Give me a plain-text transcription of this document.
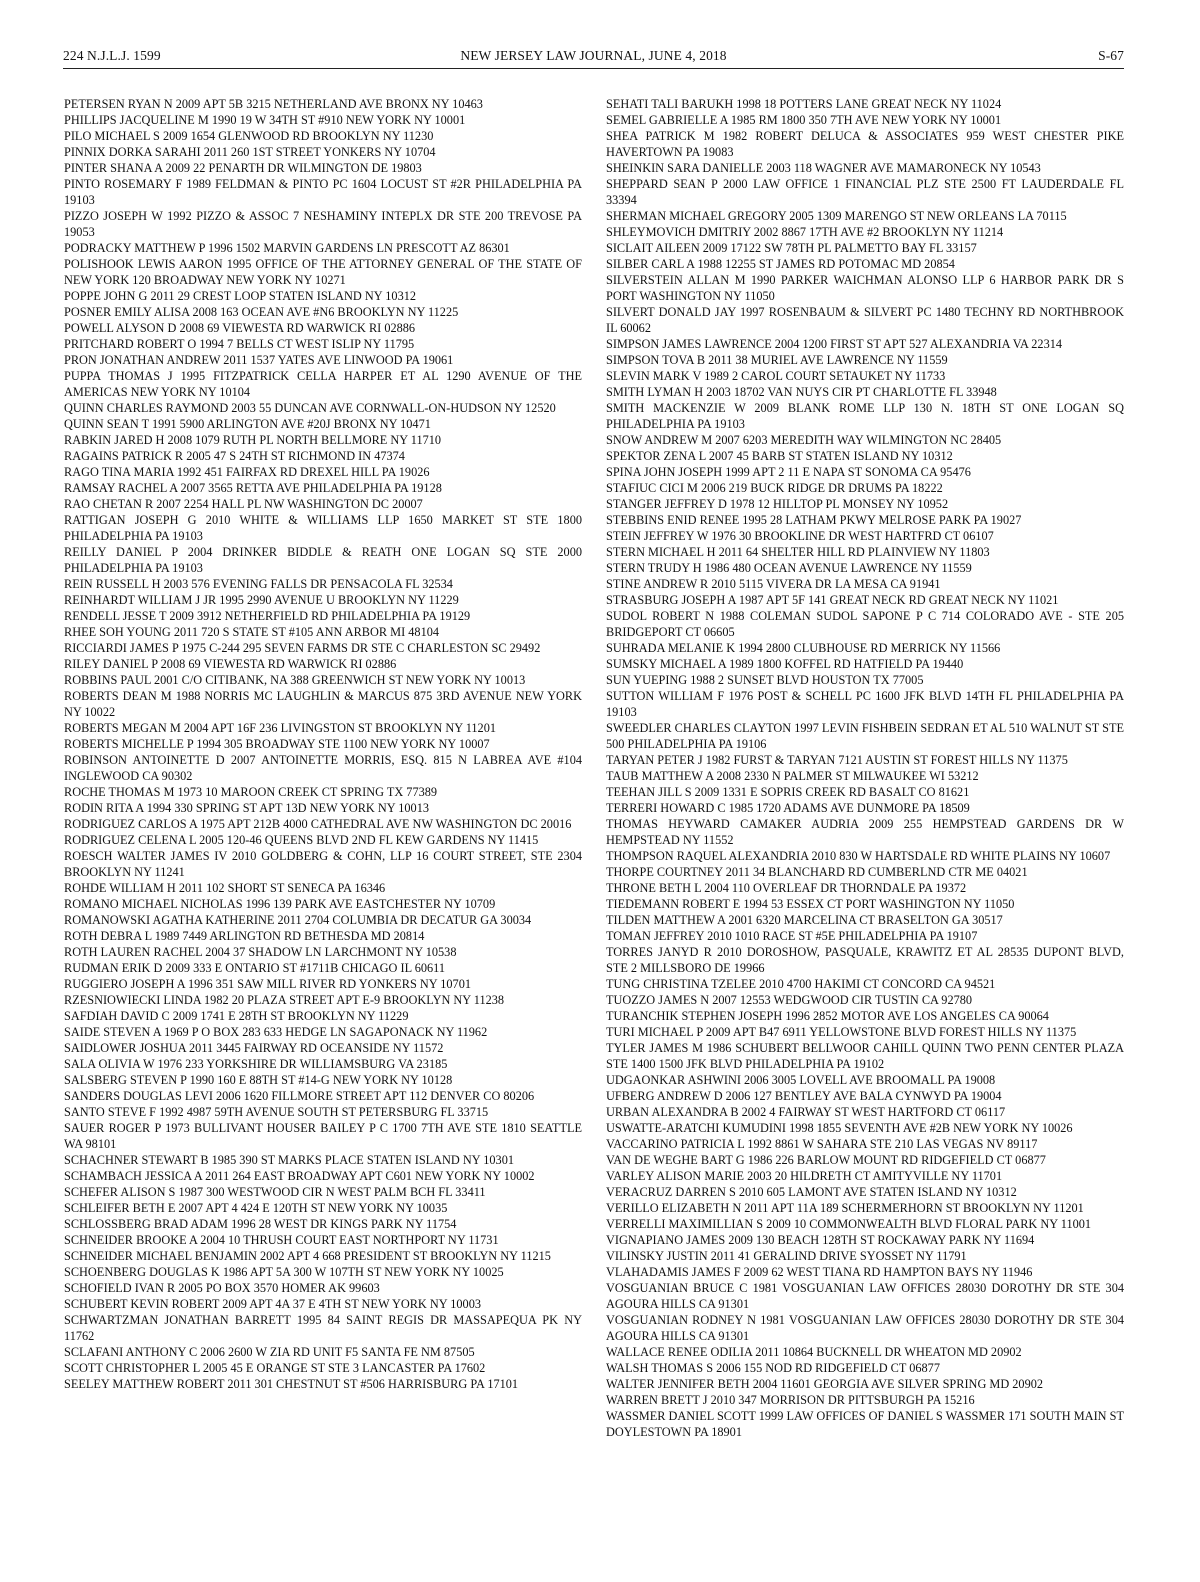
224 N.J.L.J. 1599	NEW JERSEY LAW JOURNAL, JUNE 4, 2018	S-67

PETERSEN RYAN N 2009 APT 5B 3215 NETHERLAND AVE BRONX NY 10463

PHILLIPS JACQUELINE M 1990 19 W 34TH ST #910 NEW YORK NY 10001

PILO MICHAEL S 2009 1654 GLENWOOD RD BROOKLYN NY 11230

PINNIX DORKA SARAHI 2011 260 1ST STREET YONKERS NY 10704

PINTER SHANA A 2009 22 PENARTH DR WILMINGTON DE 19803

PINTO ROSEMARY F 1989 FELDMAN & PINTO PC 1604 LOCUST ST #2R PHILADELPHIA PA 19103

PIZZO JOSEPH W 1992 PIZZO & ASSOC 7 NESHAMINY INTEPLX DR STE 200 TREVOSE PA 19053

PODRACKY MATTHEW P 1996 1502 MARVIN GARDENS LN PRESCOTT AZ 86301

POLISHOOK LEWIS AARON 1995 OFFICE OF THE ATTORNEY GENERAL OF THE STATE OF NEW YORK 120 BROADWAY NEW YORK NY 10271

POPPE JOHN G 2011 29 CREST LOOP STATEN ISLAND NY 10312

POSNER EMILY ALISA 2008 163 OCEAN AVE #N6 BROOKLYN NY 11225

POWELL ALYSON D 2008 69 VIEWESTA RD WARWICK RI 02886

PRITCHARD ROBERT O 1994 7 BELLS CT WEST ISLIP NY 11795

PRON JONATHAN ANDREW 2011 1537 YATES AVE LINWOOD PA 19061

PUPPA THOMAS J 1995 FITZPATRICK CELLA HARPER ET AL 1290 AVENUE OF THE AMERICAS NEW YORK NY 10104

QUINN CHARLES RAYMOND 2003 55 DUNCAN AVE CORNWALL-ON-HUDSON NY 12520

QUINN SEAN T 1991 5900 ARLINGTON AVE #20J BRONX NY 10471

RABKIN JARED H 2008 1079 RUTH PL NORTH BELLMORE NY 11710

RAGAINS PATRICK R 2005 47 S 24TH ST RICHMOND IN 47374

RAGO TINA MARIA 1992 451 FAIRFAX RD DREXEL HILL PA 19026

RAMSAY RACHEL A 2007 3565 RETTA AVE PHILADELPHIA PA 19128

RAO CHETAN R 2007 2254 HALL PL NW WASHINGTON DC 20007

RATTIGAN JOSEPH G 2010 WHITE & WILLIAMS LLP 1650 MARKET ST STE 1800 PHILADELPHIA PA 19103

REILLY DANIEL P 2004 DRINKER BIDDLE & REATH ONE LOGAN SQ STE 2000 PHILADELPHIA PA 19103

REIN RUSSELL H 2003 576 EVENING FALLS DR PENSACOLA FL 32534

REINHARDT WILLIAM J JR 1995 2990 AVENUE U BROOKLYN NY 11229

RENDELL JESSE T 2009 3912 NETHERFIELD RD PHILADELPHIA PA 19129

RHEE SOH YOUNG 2011 720 S STATE ST #105 ANN ARBOR MI 48104

RICCIARDI JAMES P 1975 C-244 295 SEVEN FARMS DR STE C CHARLESTON SC 29492

RILEY DANIEL P 2008 69 VIEWESTA RD WARWICK RI 02886

ROBBINS PAUL 2001 C/O CITIBANK, NA 388 GREENWICH ST NEW YORK NY 10013

ROBERTS DEAN M 1988 NORRIS MC LAUGHLIN & MARCUS 875 3RD AVENUE NEW YORK NY 10022

ROBERTS MEGAN M 2004 APT 16F 236 LIVINGSTON ST BROOKLYN NY 11201

ROBERTS MICHELLE P 1994 305 BROADWAY STE 1100 NEW YORK NY 10007

ROBINSON ANTOINETTE D 2007 ANTOINETTE MORRIS, ESQ. 815 N LABREA AVE #104 INGLEWOOD CA 90302

ROCHE THOMAS M 1973 10 MAROON CREEK CT SPRING TX 77389

RODIN RITA A 1994 330 SPRING ST APT 13D NEW YORK NY 10013

RODRIGUEZ CARLOS A 1975 APT 212B 4000 CATHEDRAL AVE NW WASHINGTON DC 20016

RODRIGUEZ CELENA L 2005 120-46 QUEENS BLVD 2ND FL KEW GARDENS NY 11415

ROESCH WALTER JAMES IV 2010 GOLDBERG & COHN, LLP 16 COURT STREET, STE 2304 BROOKLYN NY 11241

ROHDE WILLIAM H 2011 102 SHORT ST SENECA PA 16346

ROMANO MICHAEL NICHOLAS 1996 139 PARK AVE EASTCHESTER NY 10709

ROMANOWSKI AGATHA KATHERINE 2011 2704 COLUMBIA DR DECATUR GA 30034

ROTH DEBRA L 1989 7449 ARLINGTON RD BETHESDA MD 20814

ROTH LAUREN RACHEL 2004 37 SHADOW LN LARCHMONT NY 10538

RUDMAN ERIK D 2009 333 E ONTARIO ST #1711B CHICAGO IL 60611

RUGGIERO JOSEPH A 1996 351 SAW MILL RIVER RD YONKERS NY 10701

RZESNIOWIECKI LINDA 1982 20 PLAZA STREET APT E-9 BROOKLYN NY 11238

SAFDIAH DAVID C 2009 1741 E 28TH ST BROOKLYN NY 11229

SAIDE STEVEN A 1969 P O BOX 283 633 HEDGE LN SAGAPONACK NY 11962

SAIDLOWER JOSHUA 2011 3445 FAIRWAY RD OCEANSIDE NY 11572

SALA OLIVIA W 1976 233 YORKSHIRE DR WILLIAMSBURG VA 23185

SALSBERG STEVEN P 1990 160 E 88TH ST #14-G NEW YORK NY 10128

SANDERS DOUGLAS LEVI 2006 1620 FILLMORE STREET APT 112 DENVER CO 80206

SANTO STEVE F 1992 4987 59TH AVENUE SOUTH ST PETERSBURG FL 33715

SAUER ROGER P 1973 BULLIVANT HOUSER BAILEY P C 1700 7TH AVE STE 1810 SEATTLE WA 98101

SCHACHNER STEWART B 1985 390 ST MARKS PLACE STATEN ISLAND NY 10301

SCHAMBACH JESSICA A 2011 264 EAST BROADWAY APT C601 NEW YORK NY 10002

SCHEFER ALISON S 1987 300 WESTWOOD CIR N WEST PALM BCH FL 33411

SCHLEIFER BETH E 2007 APT 4 424 E 120TH ST NEW YORK NY 10035

SCHLOSSBERG BRAD ADAM 1996 28 WEST DR KINGS PARK NY 11754

SCHNEIDER BROOKE A 2004 10 THRUSH COURT EAST NORTHPORT NY 11731

SCHNEIDER MICHAEL BENJAMIN 2002 APT 4 668 PRESIDENT ST BROOKLYN NY 11215

SCHOENBERG DOUGLAS K 1986 APT 5A 300 W 107TH ST NEW YORK NY 10025

SCHOFIELD IVAN R 2005 PO BOX 3570 HOMER AK 99603

SCHUBERT KEVIN ROBERT 2009 APT 4A 37 E 4TH ST NEW YORK NY 10003

SCHWARTZMAN JONATHAN BARRETT 1995 84 SAINT REGIS DR MASSAPEQUA PK NY 11762

SCLAFANI ANTHONY C 2006 2600 W ZIA RD UNIT F5 SANTA FE NM 87505

SCOTT CHRISTOPHER L 2005 45 E ORANGE ST STE 3 LANCASTER PA 17602

SEELEY MATTHEW ROBERT 2011 301 CHESTNUT ST #506 HARRISBURG PA 17101

SEHATI TALI BARUKH 1998 18 POTTERS LANE GREAT NECK NY 11024

SEMEL GABRIELLE A 1985 RM 1800 350 7TH AVE NEW YORK NY 10001

SHEA PATRICK M 1982 ROBERT DELUCA & ASSOCIATES 959 WEST CHESTER PIKE HAVERTOWN PA 19083

SHEINKIN SARA DANIELLE 2003 118 WAGNER AVE MAMARONECK NY 10543

SHEPPARD SEAN P 2000 LAW OFFICE 1 FINANCIAL PLZ STE 2500 FT LAUDERDALE FL 33394

SHERMAN MICHAEL GREGORY 2005 1309 MARENGO ST NEW ORLEANS LA 70115

SHLEYMOVICH DMITRIY 2002 8867 17TH AVE #2 BROOKLYN NY 11214

SICLAIT AILEEN 2009 17122 SW 78TH PL PALMETTO BAY FL 33157

SILBER CARL A 1988 12255 ST JAMES RD POTOMAC MD 20854

SILVERSTEIN ALLAN M 1990 PARKER WAICHMAN ALONSO LLP 6 HARBOR PARK DR S PORT WASHINGTON NY 11050

SILVERT DONALD JAY 1997 ROSENBAUM & SILVERT PC 1480 TECHNY RD NORTHBROOK IL 60062

SIMPSON JAMES LAWRENCE 2004 1200 FIRST ST APT 527 ALEXANDRIA VA 22314

SIMPSON TOVA B 2011 38 MURIEL AVE LAWRENCE NY 11559

SLEVIN MARK V 1989 2 CAROL COURT SETAUKET NY 11733

SMITH LYMAN H 2003 18702 VAN NUYS CIR PT CHARLOTTE FL 33948

SMITH MACKENZIE W 2009 BLANK ROME LLP 130 N. 18TH ST ONE LOGAN SQ PHILADELPHIA PA 19103

SNOW ANDREW M 2007 6203 MEREDITH WAY WILMINGTON NC 28405

SPEKTOR ZENA L 2007 45 BARB ST STATEN ISLAND NY 10312

SPINA JOHN JOSEPH 1999 APT 2 11 E NAPA ST SONOMA CA 95476

STAFIUC CICI M 2006 219 BUCK RIDGE DR DRUMS PA 18222

STANGER JEFFREY D 1978 12 HILLTOP PL MONSEY NY 10952

STEBBINS ENID RENEE 1995 28 LATHAM PKWY MELROSE PARK PA 19027

STEIN JEFFREY W 1976 30 BROOKLINE DR WEST HARTFRD CT 06107

STERN MICHAEL H 2011 64 SHELTER HILL RD PLAINVIEW NY 11803

STERN TRUDY H 1986 480 OCEAN AVENUE LAWRENCE NY 11559

STINE ANDREW R 2010 5115 VIVERA DR LA MESA CA 91941

STRASBURG JOSEPH A 1987 APT 5F 141 GREAT NECK RD GREAT NECK NY 11021

SUDOL ROBERT N 1988 COLEMAN SUDOL SAPONE P C 714 COLORADO AVE - STE 205 BRIDGEPORT CT 06605

SUHRADA MELANIE K 1994 2800 CLUBHOUSE RD MERRICK NY 11566

SUMSKY MICHAEL A 1989 1800 KOFFEL RD HATFIELD PA 19440

SUN YUEPING 1988 2 SUNSET BLVD HOUSTON TX 77005

SUTTON WILLIAM F 1976 POST & SCHELL PC 1600 JFK BLVD 14TH FL PHILADELPHIA PA 19103

SWEEDLER CHARLES CLAYTON 1997 LEVIN FISHBEIN SEDRAN ET AL 510 WALNUT ST STE 500 PHILADELPHIA PA 19106

TARYAN PETER J 1982 FURST & TARYAN 7121 AUSTIN ST FOREST HILLS NY 11375

TAUB MATTHEW A 2008 2330 N PALMER ST MILWAUKEE WI 53212

TEEHAN JILL S 2009 1331 E SOPRIS CREEK RD BASALT CO 81621

TERRERI HOWARD C 1985 1720 ADAMS AVE DUNMORE PA 18509

THOMAS HEYWARD CAMAKER AUDRIA 2009 255 HEMPSTEAD GARDENS DR W HEMPSTEAD NY 11552

THOMPSON RAQUEL ALEXANDRIA 2010 830 W HARTSDALE RD WHITE PLAINS NY 10607

THORPE COURTNEY 2011 34 BLANCHARD RD CUMBERLND CTR ME 04021

THRONE BETH L 2004 110 OVERLEAF DR THORNDALE PA 19372

TIEDEMANN ROBERT E 1994 53 ESSEX CT PORT WASHINGTON NY 11050

TILDEN MATTHEW A 2001 6320 MARCELINA CT BRASELTON GA 30517

TOMAN JEFFREY 2010 1010 RACE ST #5E PHILADELPHIA PA 19107

TORRES JANYD R 2010 DOROSHOW, PASQUALE, KRAWITZ ET AL 28535 DUPONT BLVD, STE 2 MILLSBORO DE 19966

TUNG CHRISTINA TZELEE 2010 4700 HAKIMI CT CONCORD CA 94521

TUOZZO JAMES N 2007 12553 WEDGWOOD CIR TUSTIN CA 92780

TURANCHIK STEPHEN JOSEPH 1996 2852 MOTOR AVE LOS ANGELES CA 90064

TURI MICHAEL P 2009 APT B47 6911 YELLOWSTONE BLVD FOREST HILLS NY 11375

TYLER JAMES M 1986 SCHUBERT BELLWOOR CAHILL QUINN TWO PENN CENTER PLAZA STE 1400 1500 JFK BLVD PHILADELPHIA PA 19102

UDGAONKAR ASHWINI 2006 3005 LOVELL AVE BROOMALL PA 19008

UFBERG ANDREW D 2006 127 BENTLEY AVE BALA CYNWYD PA 19004

URBAN ALEXANDRA B 2002 4 FAIRWAY ST WEST HARTFORD CT 06117

USWATTE-ARATCHI KUMUDINI 1998 1855 SEVENTH AVE #2B NEW YORK NY 10026

VACCARINO PATRICIA L 1992 8861 W SAHARA STE 210 LAS VEGAS NV 89117

VAN DE WEGHE BART G 1986 226 BARLOW MOUNT RD RIDGEFIELD CT 06877

VARLEY ALISON MARIE 2003 20 HILDRETH CT AMITYVILLE NY 11701

VERACRUZ DARREN S 2010 605 LAMONT AVE STATEN ISLAND NY 10312

VERILLO ELIZABETH N 2011 APT 11A 189 SCHERMERHORN ST BROOKLYN NY 11201

VERRELLI MAXIMILLIAN S 2009 10 COMMONWEALTH BLVD FLORAL PARK NY 11001

VIGNAPIANO JAMES 2009 130 BEACH 128TH ST ROCKAWAY PARK NY 11694

VILINSKY JUSTIN 2011 41 GERALIND DRIVE SYOSSET NY 11791

VLAHADAMIS JAMES F 2009 62 WEST TIANA RD HAMPTON BAYS NY 11946

VOSGUANIAN BRUCE C 1981 VOSGUANIAN LAW OFFICES 28030 DOROTHY DR STE 304 AGOURA HILLS CA 91301

VOSGUANIAN RODNEY N 1981 VOSGUANIAN LAW OFFICES 28030 DOROTHY DR STE 304 AGOURA HILLS CA 91301

WALLACE RENEE ODILIA 2011 10864 BUCKNELL DR WHEATON MD 20902

WALSH THOMAS S 2006 155 NOD RD RIDGEFIELD CT 06877

WALTER JENNIFER BETH 2004 11601 GEORGIA AVE SILVER SPRING MD 20902

WARREN BRETT J 2010 347 MORRISON DR PITTSBURGH PA 15216

WASSMER DANIEL SCOTT 1999 LAW OFFICES OF DANIEL S WASSMER 171 SOUTH MAIN ST DOYLESTOWN PA 18901
